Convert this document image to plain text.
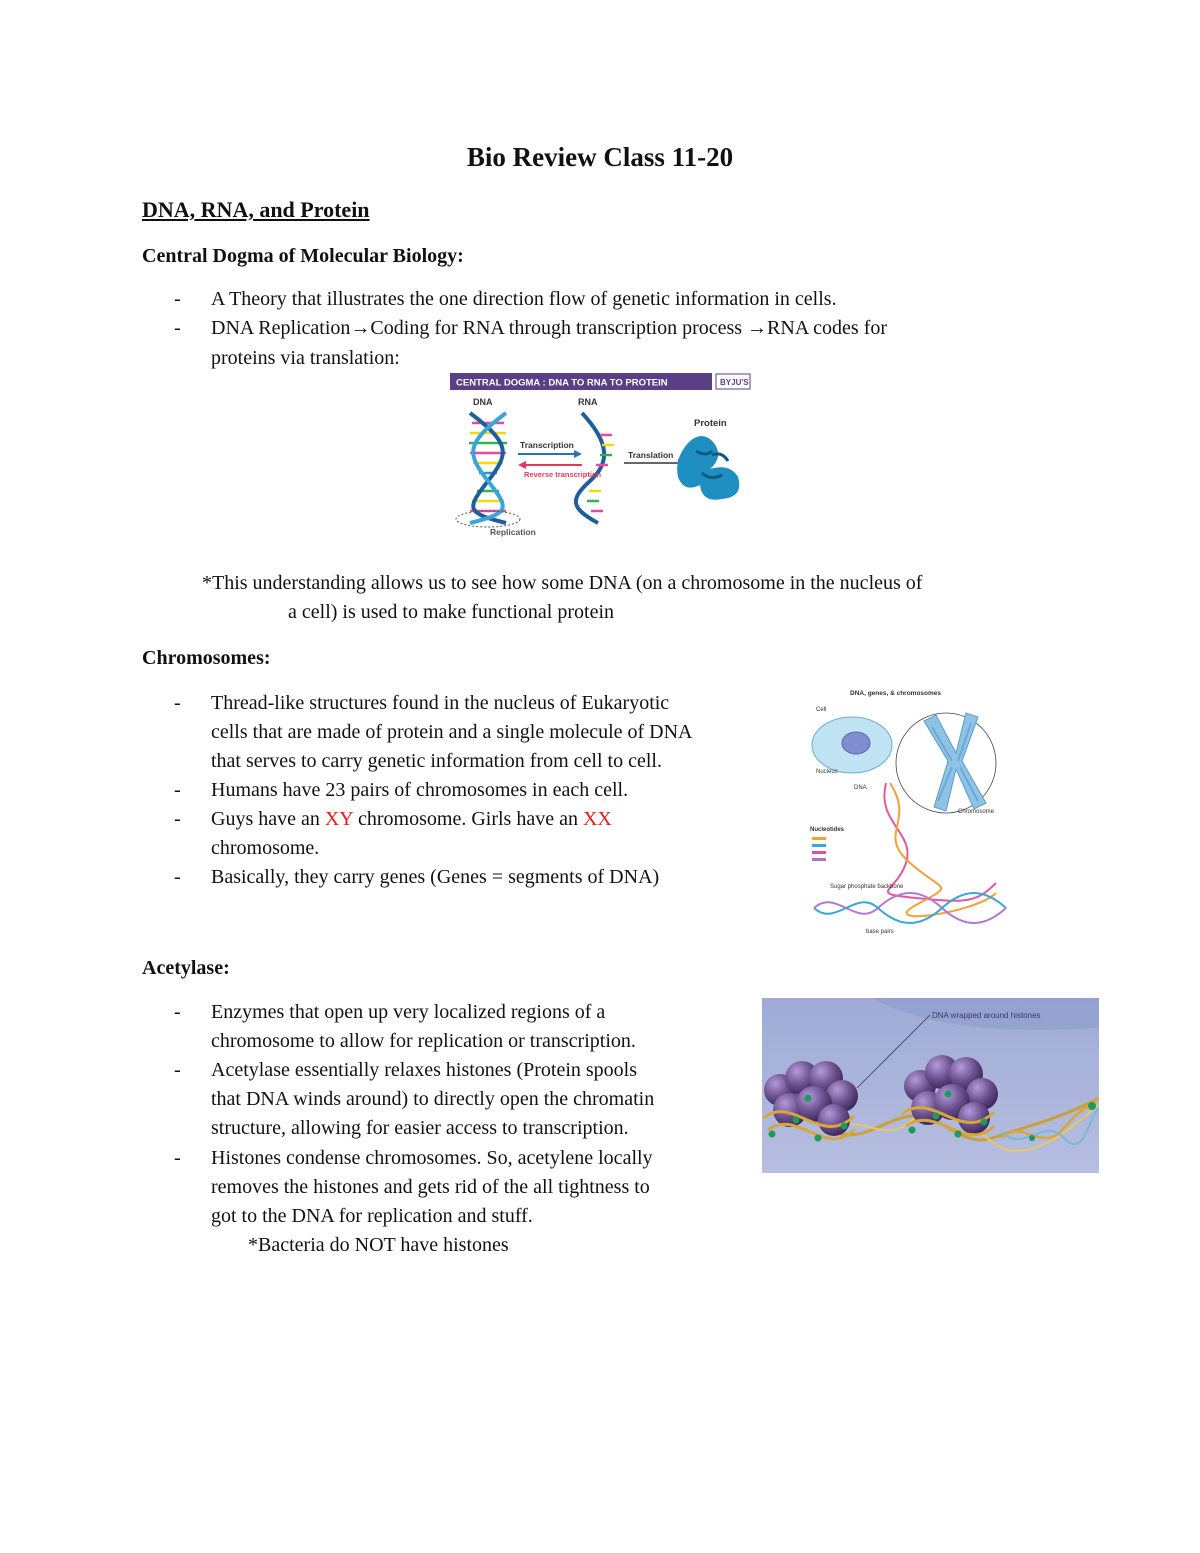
Bio Review Class 11-20
DNA, RNA, and Protein
Central Dogma of Molecular Biology:
- A Theory that illustrates the one direction flow of genetic information in cells.
- DNA Replication→Coding for RNA through transcription process →RNA codes for
proteins via translation:
CENTRAL DOGMA : DNA TO RNA TO PROTEIN	BYJU'S
DNA	RNA
Protein
Replication
Transcription
Reverse transcription
Translation
*This understanding allows us to see how some DNA (on a chromosome in the nucleus of
a cell) is used to make functional protein
Chromosomes:
- Thread-like structures found in the nucleus of Eukaryotic
cells that are made of protein and a single molecule of DNA
that serves to carry genetic information from cell to cell.
- Humans have 23 pairs of chromosomes in each cell.
- Guys have an XY chromosome. Girls have an XX
chromosome.
- Basically, they carry genes (Genes = segments of DNA)
DNA, genes, & chromosomes
Cell
Nucleus
Chromosome
DNA
Nucleotides
Sugar phosphate backbone
base pairs
Acetylase:
- Enzymes that open up very localized regions of a
chromosome to allow for replication or transcription.
- Acetylase essentially relaxes histones (Protein spools
that DNA winds around) to directly open the chromatin
structure, allowing for easier access to transcription.
- Histones condense chromosomes. So, acetylene locally
removes the histones and gets rid of the all tightness to
got to the DNA for replication and stuff.
*Bacteria do NOT have histones
DNA wrapped around histones
